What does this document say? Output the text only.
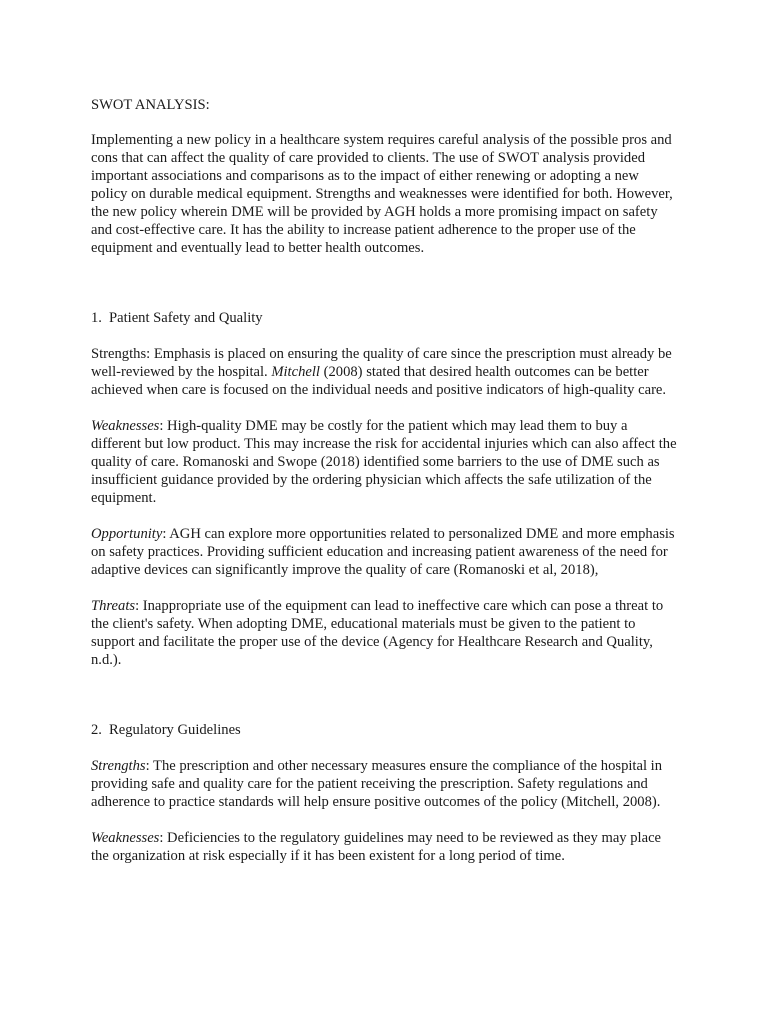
SWOT ANALYSIS:

Implementing a new policy in a healthcare system requires careful analysis of the possible pros and cons that can affect the quality of care provided to clients. The use of SWOT analysis provided important associations and comparisons as to the impact of either renewing or adopting a new policy on durable medical equipment. Strengths and weaknesses were identified for both. However, the new policy wherein DME will be provided by AGH holds a more promising impact on safety and cost-effective care. It has the ability to increase patient adherence to the proper use of the equipment and eventually lead to better health outcomes.

1. Patient Safety and Quality

Strengths: Emphasis is placed on ensuring the quality of care since the prescription must already be well-reviewed by the hospital. Mitchell (2008) stated that desired health outcomes can be better achieved when care is focused on the individual needs and positive indicators of high-quality care.

Weaknesses: High-quality DME may be costly for the patient which may lead them to buy a different but low product. This may increase the risk for accidental injuries which can also affect the quality of care. Romanoski and Swope (2018) identified some barriers to the use of DME such as insufficient guidance provided by the ordering physician which affects the safe utilization of the equipment.

Opportunity: AGH can explore more opportunities related to personalized DME and more emphasis on safety practices. Providing sufficient education and increasing patient awareness of the need for adaptive devices can significantly improve the quality of care (Romanoski et al, 2018),

Threats: Inappropriate use of the equipment can lead to ineffective care which can pose a threat to the client's safety. When adopting DME, educational materials must be given to the patient to support and facilitate the proper use of the device (Agency for Healthcare Research and Quality, n.d.).

2. Regulatory Guidelines

Strengths: The prescription and other necessary measures ensure the compliance of the hospital in providing safe and quality care for the patient receiving the prescription. Safety regulations and adherence to practice standards will help ensure positive outcomes of the policy (Mitchell, 2008).

Weaknesses: Deficiencies to the regulatory guidelines may need to be reviewed as they may place the organization at risk especially if it has been existent for a long period of time.
